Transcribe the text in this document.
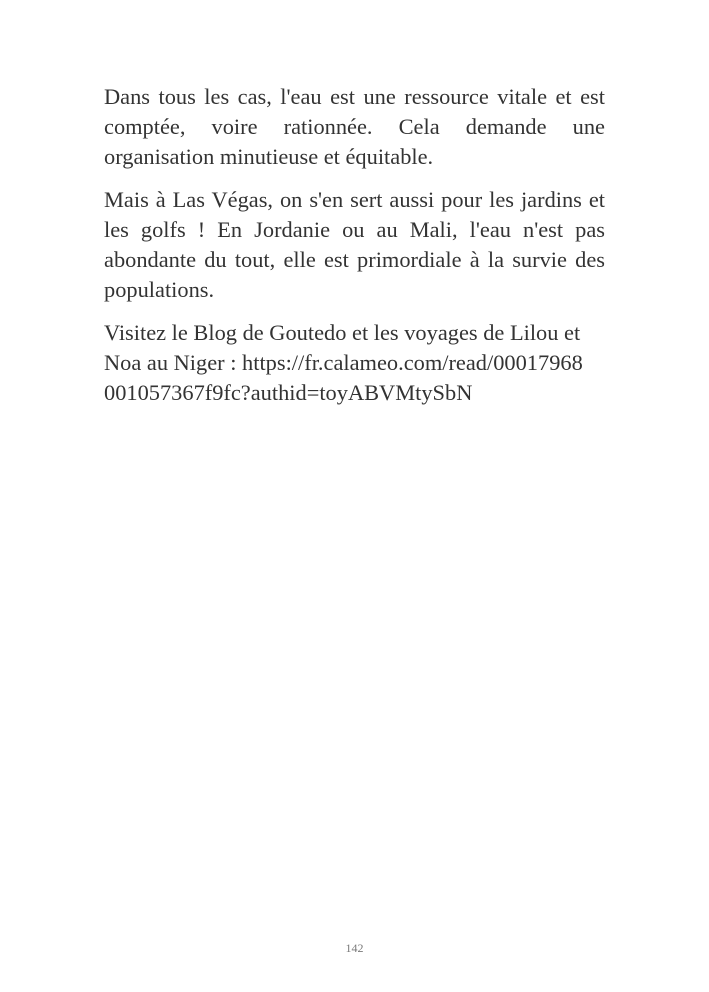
Dans tous les cas, l'eau est une ressource vitale et est comptée, voire rationnée. Cela demande une organisation minutieuse et équitable.

Mais à Las Végas, on s'en sert aussi pour les jardins et les golfs ! En Jordanie ou au Mali, l'eau n'est pas abondante du tout, elle est primordiale à la survie des populations.

Visitez le Blog de Goutedo et les voyages de Lilou et Noa au Niger : https://fr.calameo.com/read/00017968 001057367f9fc?authid=toyABVMtySbN

142
